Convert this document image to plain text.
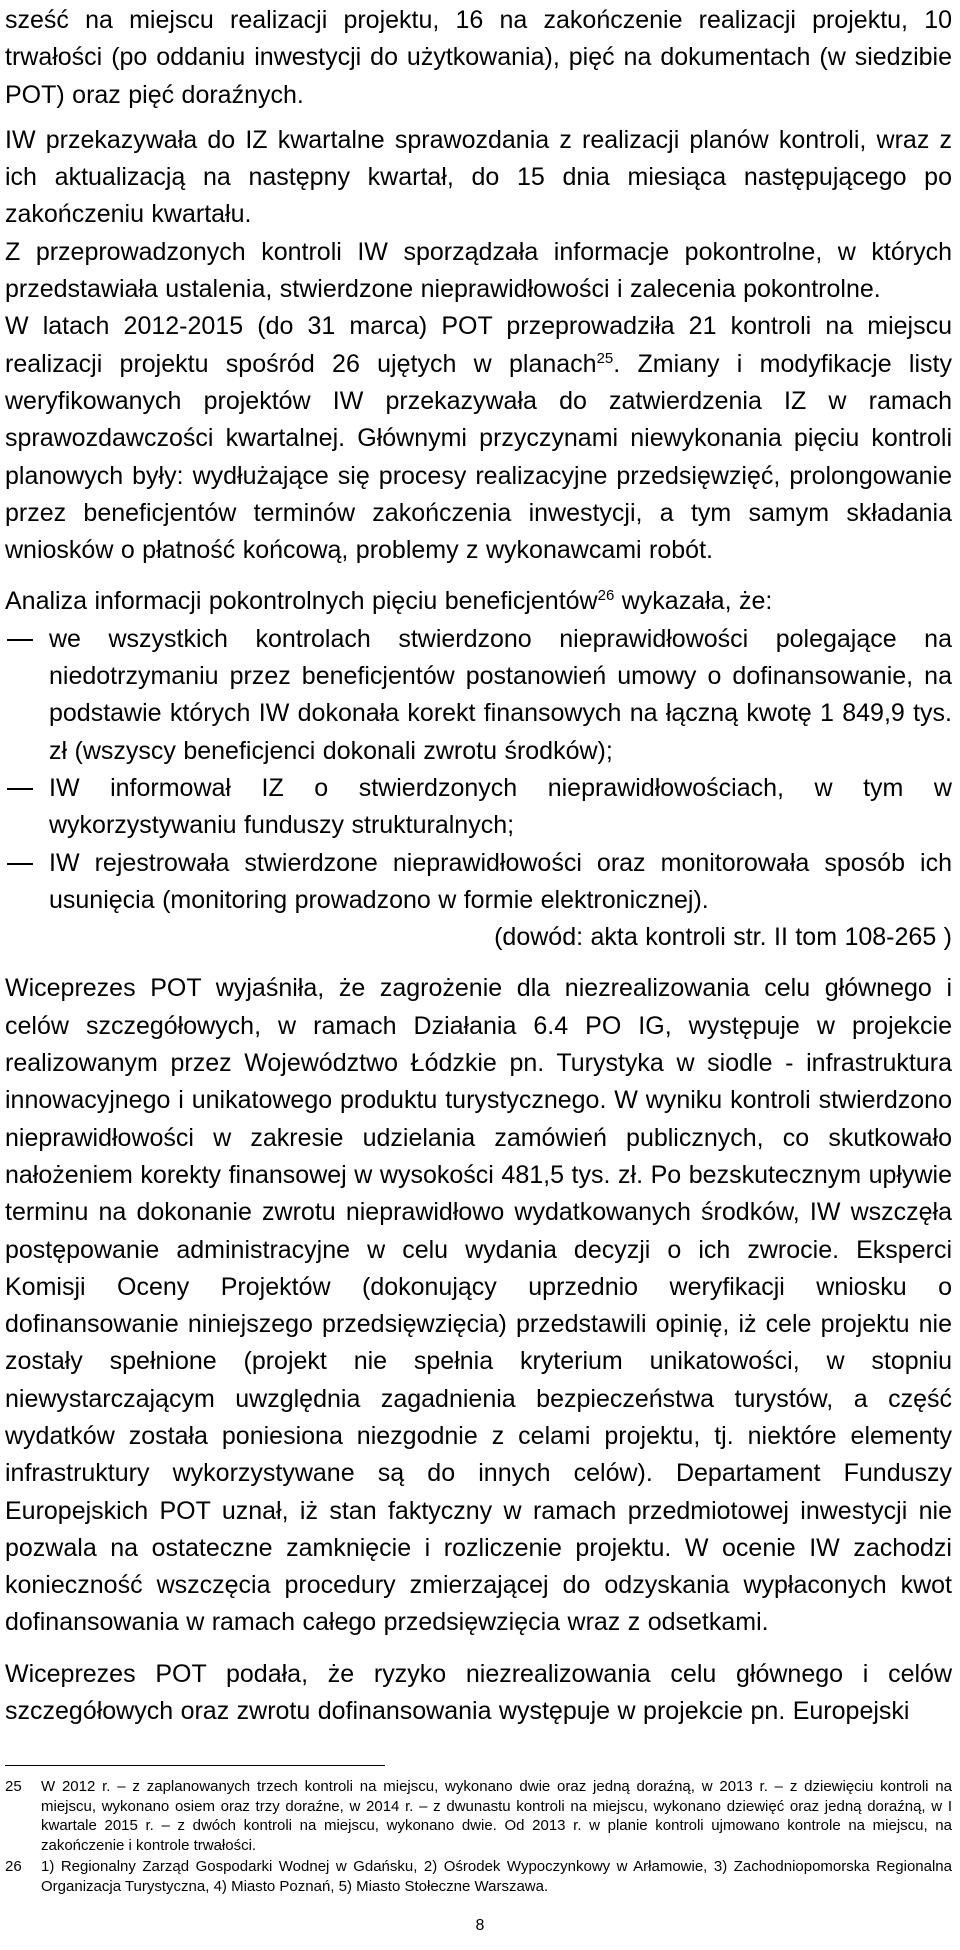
sześć na miejscu realizacji projektu, 16 na zakończenie realizacji projektu, 10 trwałości (po oddaniu inwestycji do użytkowania), pięć na dokumentach (w siedzibie POT) oraz pięć doraźnych.

IW przekazywała do IZ kwartalne sprawozdania z realizacji planów kontroli, wraz z ich aktualizacją na następny kwartał, do 15 dnia miesiąca następującego po zakończeniu kwartału.

Z przeprowadzonych kontroli IW sporządzała informacje pokontrolne, w których przedstawiała ustalenia, stwierdzone nieprawidłowości i zalecenia pokontrolne.

W latach 2012-2015 (do 31 marca) POT przeprowadziła 21 kontroli na miejscu realizacji projektu spośród 26 ujętych w planach$^{25}$. Zmiany i modyfikacje listy weryfikowanych projektów IW przekazywała do zatwierdzenia IZ w ramach sprawozdawczości kwartalnej. Głównymi przyczynami niewykonania pięciu kontroli planowych były: wydłużające się procesy realizacyjne przedsięwzięć, prolongowanie przez beneficjentów terminów zakończenia inwestycji, a tym samym składania wniosków o płatność końcową, problemy z wykonawcami robót.

Analiza informacji pokontrolnych pięciu beneficjentów$^{26}$ wykazała, że:

we wszystkich kontrolach stwierdzono nieprawidłowości polegające na niedotrzymaniu przez beneficjentów postanowień umowy o dofinansowanie, na podstawie których IW dokonała korekt finansowych na łączną kwotę 1 849,9 tys. zł (wszyscy beneficjenci dokonali zwrotu środków);
IW informował IZ o stwierdzonych nieprawidłowościach, w tym w wykorzystywaniu funduszy strukturalnych;
IW rejestrowała stwierdzone nieprawidłowości oraz monitorowała sposób ich usunięcia (monitoring prowadzono w formie elektronicznej).

(dowód: akta kontroli str. II tom 108-265 )

Wiceprezes POT wyjaśniła, że zagrożenie dla niezrealizowania celu głównego i celów szczegółowych, w ramach Działania 6.4 PO IG, występuje w projekcie realizowanym przez Województwo Łódzkie pn. Turystyka w siodle - infrastruktura innowacyjnego i unikatowego produktu turystycznego. W wyniku kontroli stwierdzono nieprawidłowości w zakresie udzielania zamówień publicznych, co skutkowało nałożeniem korekty finansowej w wysokości 481,5 tys. zł. Po bezskutecznym upływie terminu na dokonanie zwrotu nieprawidłowo wydatkowanych środków, IW wszczęła postępowanie administracyjne w celu wydania decyzji o ich zwrocie. Eksperci Komisji Oceny Projektów (dokonujący uprzednio weryfikacji wniosku o dofinansowanie niniejszego przedsięwzięcia) przedstawili opinię, iż cele projektu nie zostały spełnione (projekt nie spełnia kryterium unikatowości, w stopniu niewystarczającym uwzględnia zagadnienia bezpieczeństwa turystów, a część wydatków została poniesiona niezgodnie z celami projektu, tj. niektóre elementy infrastruktury wykorzystywane są do innych celów). Departament Funduszy Europejskich POT uznał, iż stan faktyczny w ramach przedmiotowej inwestycji nie pozwala na ostateczne zamknięcie i rozliczenie projektu. W ocenie IW zachodzi konieczność wszczęcia procedury zmierzającej do odzyskania wypłaconych kwot dofinansowania w ramach całego przedsięwzięcia wraz z odsetkami.

Wiceprezes POT podała, że ryzyko niezrealizowania celu głównego i celów szczegółowych oraz zwrotu dofinansowania występuje w projekcie pn. Europejski

25 W 2012 r. – z zaplanowanych trzech kontroli na miejscu, wykonano dwie oraz jedną doraźną, w 2013 r. – z dziewięciu kontroli na miejscu, wykonano osiem oraz trzy doraźne, w 2014 r. – z dwunastu kontroli na miejscu, wykonano dziewięć oraz jedną doraźną, w I kwartale 2015 r. – z dwóch kontroli na miejscu, wykonano dwie. Od 2013 r. w planie kontroli ujmowano kontrole na miejscu, na zakończenie i kontrole trwałości.
26 1) Regionalny Zarząd Gospodarki Wodnej w Gdańsku, 2) Ośrodek Wypoczynkowy w Arłamowie, 3) Zachodniopomorska Regionalna Organizacja Turystyczna, 4) Miasto Poznań, 5) Miasto Stołeczne Warszawa.
8
